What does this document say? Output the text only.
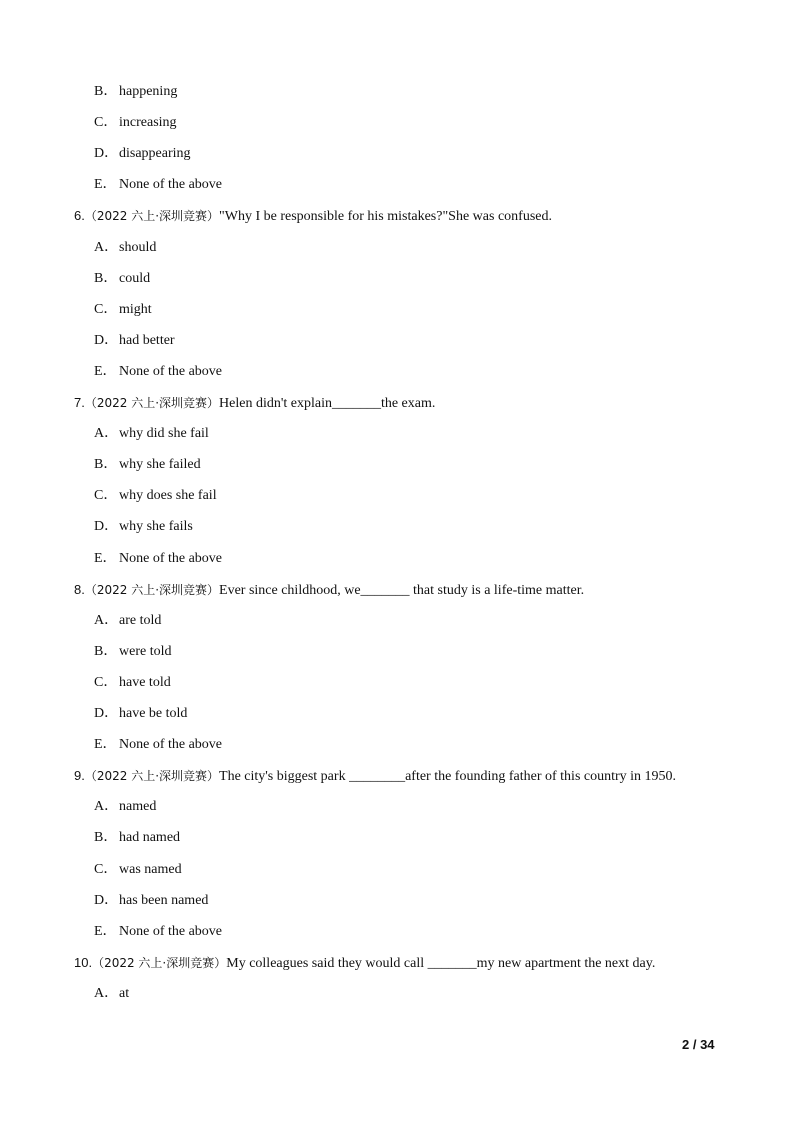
B． happening
C． increasing
D．disappearing
E． None of the above
6.（2022 六上·深圳竞赛）"Why I be responsible for his mistakes?"She was confused.
A．should
B． could
C． might
D．had better
E． None of the above
7.（2022 六上·深圳竞赛）Helen didn't explain_______the exam.
A．why did she fail
B． why she failed
C． why does she fail
D．why she fails
E． None of the above
8.（2022 六上·深圳竞赛）Ever since childhood, we_______ that study is a life-time matter.
A．are told
B． were told
C． have told
D．have be told
E． None of the above
9.（2022 六上·深圳竞赛）The city's biggest park ________after the founding father of this country in 1950.
A．named
B． had named
C． was named
D．has been named
E． None of the above
10.（2022 六上·深圳竞赛）My colleagues said they would call _______my new apartment the next day.
A．at
2 / 34
